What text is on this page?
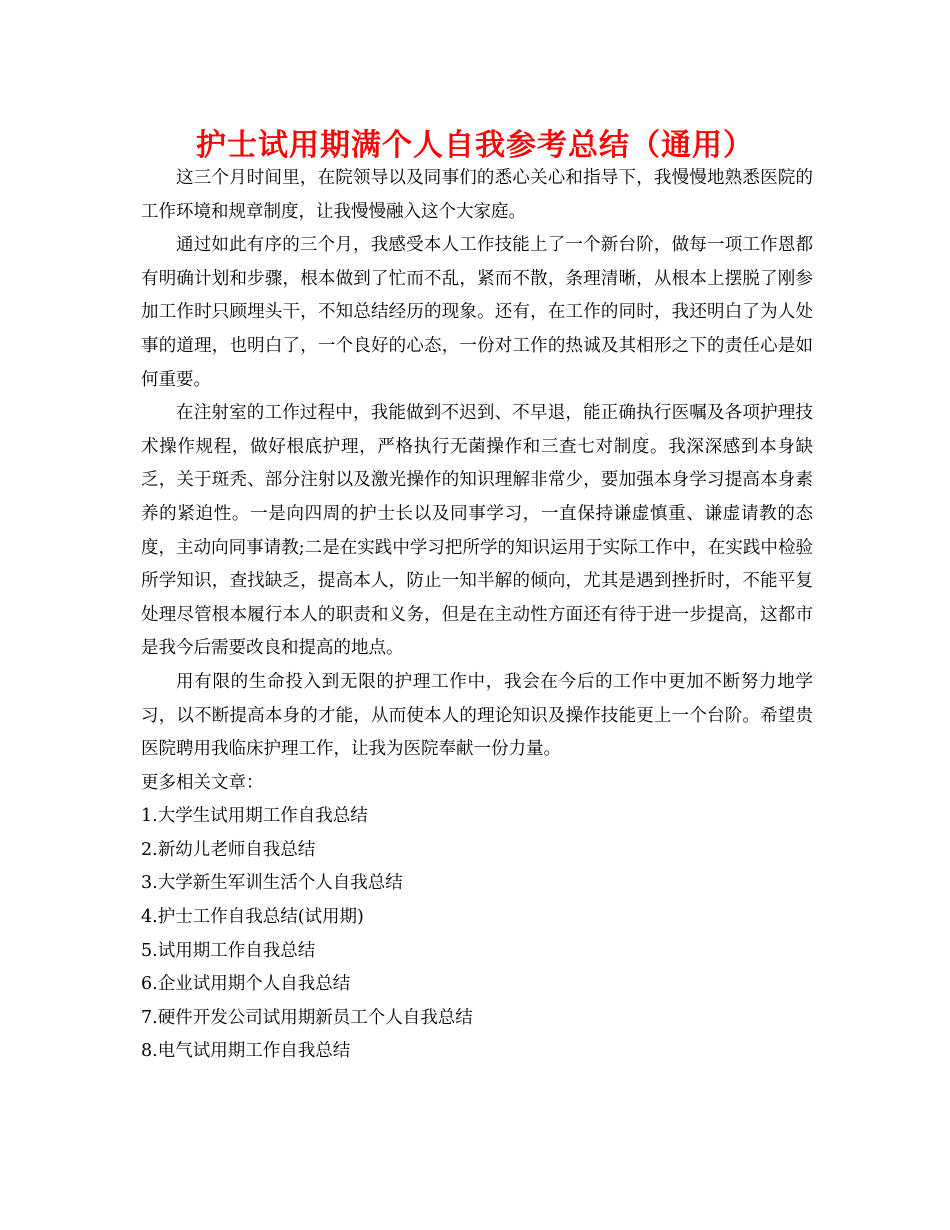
护士试用期满个人自我参考总结（通用）

这三个月时间里，在院领导以及同事们的悉心关心和指导下，我慢慢地熟悉医院的工作环境和规章制度，让我慢慢融入这个大家庭。

通过如此有序的三个月，我感受本人工作技能上了一个新台阶，做每一项工作恩都有明确计划和步骤，根本做到了忙而不乱，紧而不散，条理清晰，从根本上摆脱了刚参加工作时只顾埋头干，不知总结经历的现象。还有，在工作的同时，我还明白了为人处事的道理，也明白了，一个良好的心态，一份对工作的热诚及其相形之下的责任心是如何重要。

在注射室的工作过程中，我能做到不迟到、不早退，能正确执行医嘱及各项护理技术操作规程，做好根底护理，严格执行无菌操作和三查七对制度。我深深感到本身缺乏，关于斑秃、部分注射以及激光操作的知识理解非常少，要加强本身学习提高本身素养的紧迫性。一是向四周的护士长以及同事学习，一直保持谦虚慎重、谦虚请教的态度，主动向同事请教;二是在实践中学习把所学的知识运用于实际工作中，在实践中检验所学知识，查找缺乏，提高本人，防止一知半解的倾向，尤其是遇到挫折时，不能平复处理尽管根本履行本人的职责和义务，但是在主动性方面还有待于进一步提高，这都市是我今后需要改良和提高的地点。

用有限的生命投入到无限的护理工作中，我会在今后的工作中更加不断努力地学习，以不断提高本身的才能，从而使本人的理论知识及操作技能更上一个台阶。希望贵医院聘用我临床护理工作，让我为医院奉献一份力量。

更多相关文章：

1.大学生试用期工作自我总结
2.新幼儿老师自我总结
3.大学新生军训生活个人自我总结
4.护士工作自我总结(试用期)
5.试用期工作自我总结
6.企业试用期个人自我总结
7.硬件开发公司试用期新员工个人自我总结
8.电气试用期工作自我总结
